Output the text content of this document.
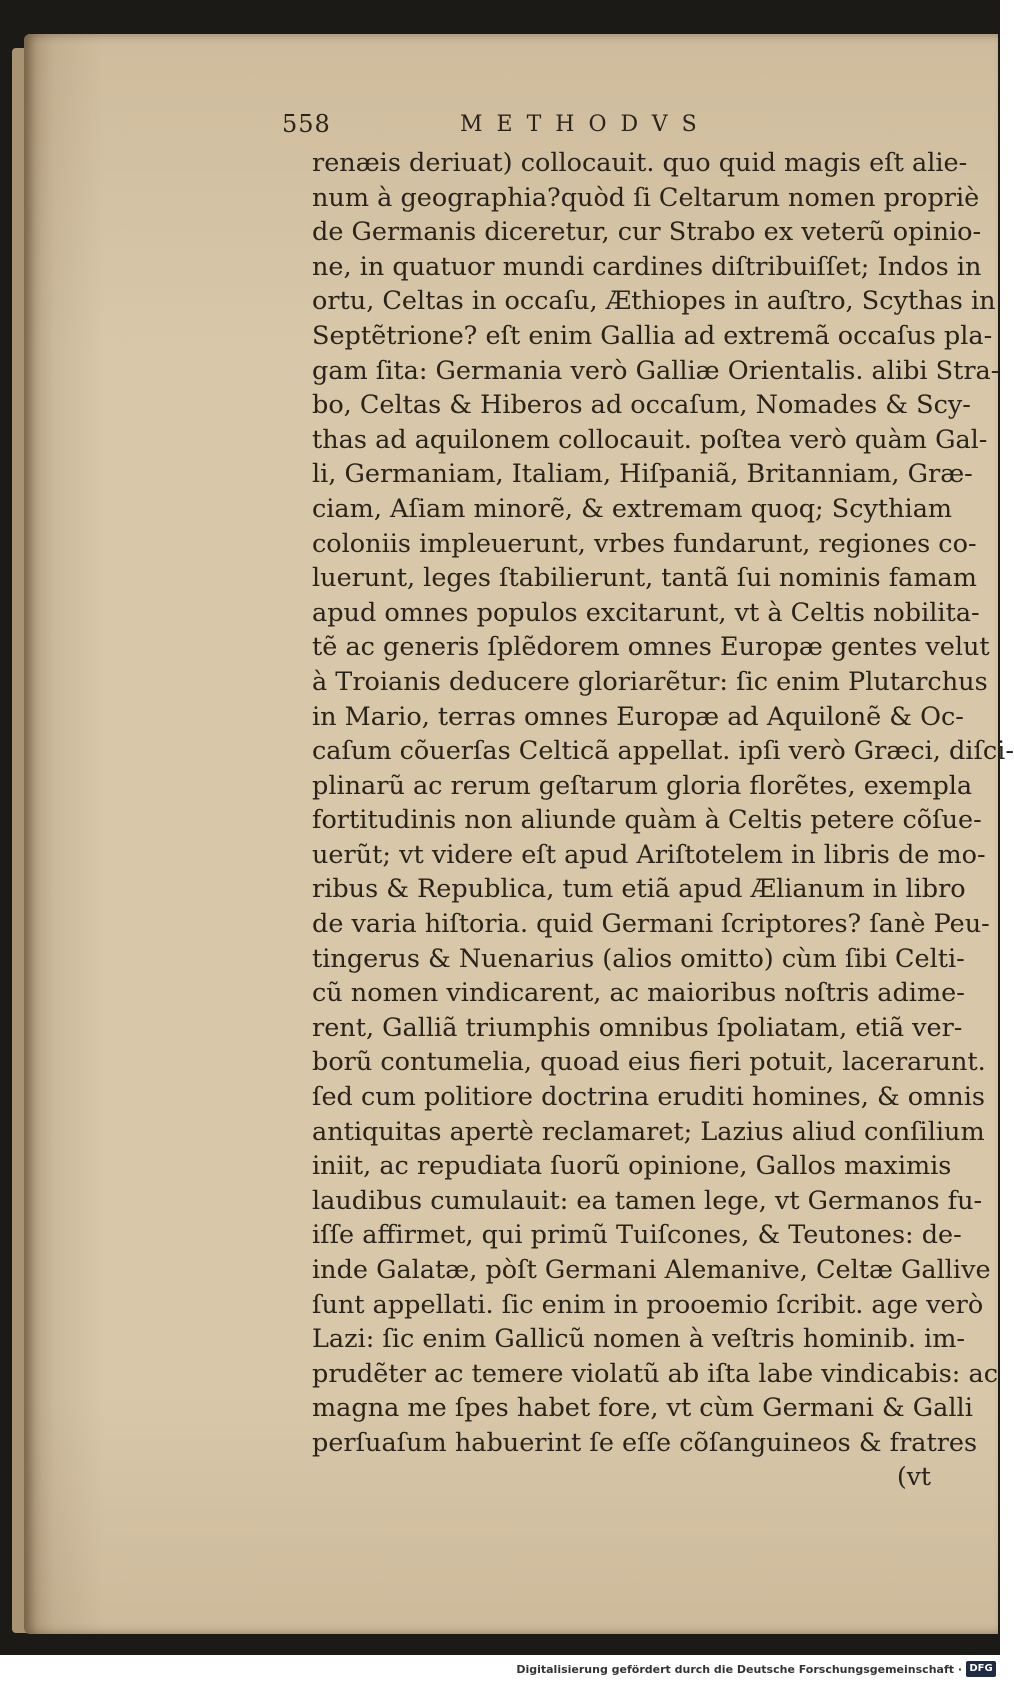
558	METHODVS
renæis deriuat) collocauit. quo quid magis eſt alie-
num à geographia?quòd ſi Celtarum nomen propriè
de Germanis diceretur, cur Strabo ex veterũ opinio-
ne, in quatuor mundi cardines diſtribuiſſet; Indos in
ortu, Celtas in occaſu, Æthiopes in auſtro, Scythas in
Septẽtrione? eſt enim Gallia ad extremã occaſus pla-
gam ſita: Germania verò Galliæ Orientalis. alibi Stra-
bo, Celtas & Hiberos ad occaſum, Nomades & Scy-
thas ad aquilonem collocauit. poſtea verò quàm Gal-
li, Germaniam, Italiam, Hiſpaniã, Britanniam, Græ-
ciam, Aſiam minorẽ, & extremam quoq; Scythiam
coloniis impleuerunt, vrbes fundarunt, regiones co-
luerunt, leges ſtabilierunt, tantã ſui nominis famam
apud omnes populos excitarunt, vt à Celtis nobilita-
tẽ ac generis ſplẽdorem omnes Europæ gentes velut
à Troianis deducere gloriarẽtur: ſic enim Plutarchus
in Mario, terras omnes Europæ ad Aquilonẽ & Oc-
caſum cõuerſas Celticã appellat. ipſi verò Græci, diſci-
plinarũ ac rerum geſtarum gloria florẽtes, exempla
fortitudinis non aliunde quàm à Celtis petere cõſue-
uerũt; vt videre eſt apud Ariſtotelem in libris de mo-
ribus & Republica, tum etiã apud Ælianum in libro
de varia hiſtoria. quid Germani ſcriptores? ſanè Peu-
tingerus & Nuenarius (alios omitto) cùm ſibi Celti-
cũ nomen vindicarent, ac maioribus noſtris adime-
rent, Galliã triumphis omnibus ſpoliatam, etiã ver-
borũ contumelia, quoad eius fieri potuit, lacerarunt.
ſed cum politiore doctrina eruditi homines, & omnis
antiquitas apertè reclamaret; Lazius aliud conſilium
iniit, ac repudiata ſuorũ opinione, Gallos maximis
laudibus cumulauit: ea tamen lege, vt Germanos fu-
iſſe affirmet, qui primũ Tuiſcones, & Teutones: de-
inde Galatæ, pòſt Germani Alemanive, Celtæ Gallive
ſunt appellati. ſic enim in prooemio ſcribit. age verò
Lazi: ſic enim Gallicũ nomen à veſtris hominib. im-
prudẽter ac temere violatũ ab iſta labe vindicabis: ac
magna me ſpes habet fore, vt cùm Germani & Galli
perſuaſum habuerint ſe eſſe cõſanguineos & fratres
(vt
Digitalisierung gefördert durch die Deutsche Forschungsgemeinschaft · DFG
